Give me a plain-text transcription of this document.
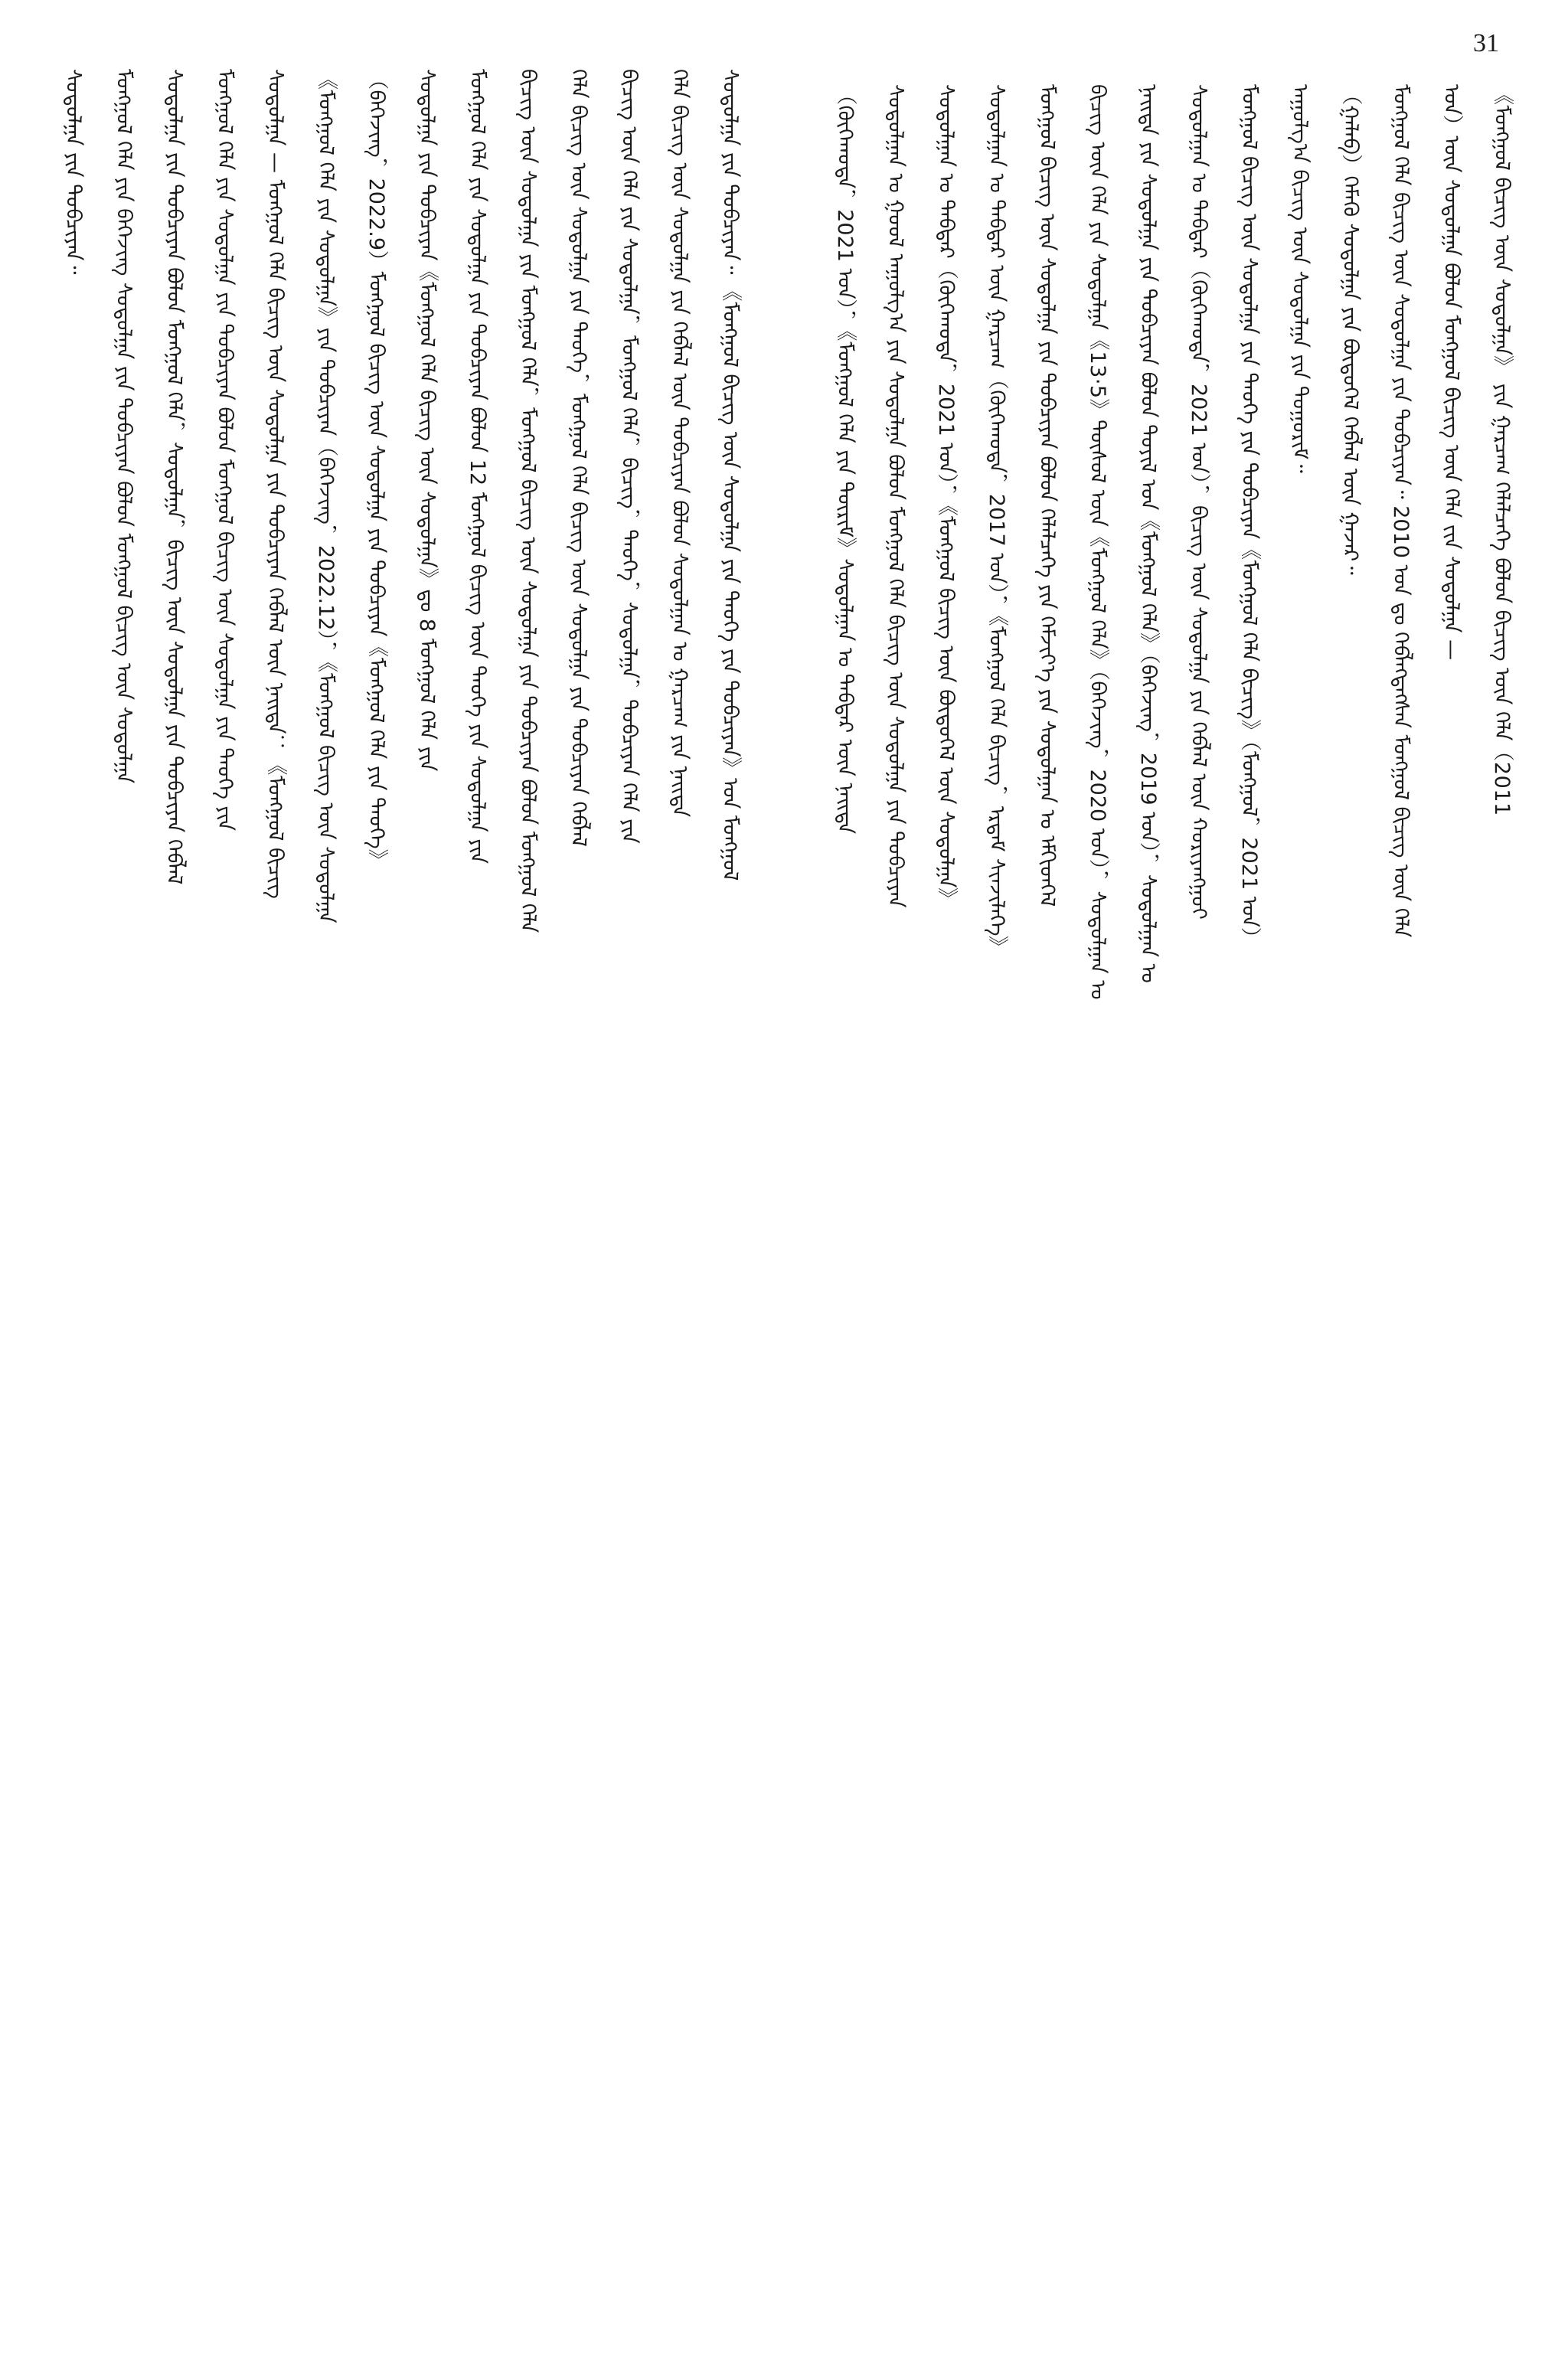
31
《ᠮᠣᠩᠭᠣᠯ ᠪᠢᠴᠢᠭ ᠦᠨ ᠰᠤᠳᠤᠯᠭᠠ》 ᠶᠢᠨ ᠭᠠᠷᠴᠠᠭ ᠬᠡᠯᠡᠯᠴᠡᠭᠡ ᠪᠣᠯᠤᠨ ᠪᠢᠴᠢᠭ ᠦᠨ ᠬᠡᠯᠡ（2011
ᠣᠨ）ᠦᠨ ᠰᠤᠳᠤᠯᠭᠠ ᠪᠣᠯᠤᠨ ᠮᠣᠩᠭᠣᠯ ᠪᠢᠴᠢᠭ ᠦᠨ ᠬᠡᠯᠡ ᠵᠢᠨ ᠰᠤᠳᠤᠯᠭᠠ —
ᠮᠣᠩᠭᠣᠯ ᠬᠡᠯᠡ ᠪᠢᠴᠢᠭ ᠦᠨ ᠰᠤᠳᠤᠯᠭᠠ ᠶᠢᠨ ᠲᠣᠪᠴᠢᠶᠠᠨ᠃ 2010 ᠣᠨ ᠳᠤ ᠬᠡᠪᠯᠡᠭᠳᠡᠭᠰᠡᠨ ᠮᠣᠩᠭᠣᠯ ᠪᠢᠴᠢᠭ ᠦᠨ ᠬᠡᠯᠡ
（ᠭᠠᠯᠠᠪ）ᠬᠡᠮᠡᠬᠦ ᠰᠤᠳᠤᠯᠭᠠ ᠶᠢᠨ ᠪᠦᠲᠦᠭᠡᠯ ᠬᠡᠪᠯᠡᠯ ᠦᠨ ᠭᠠᠵᠠᠷ᠃
ᠠᠭᠤᠯᠭ᠎ᠠ ᠪᠢᠴᠢᠭ ᠦᠨ ᠰᠤᠳᠤᠯᠭᠠ ᠶᠢᠨ ᠲᠤᠭᠤᠷᠢᠮ᠃
ᠮᠣᠩᠭᠣᠯ ᠪᠢᠴᠢᠭ ᠦᠨ ᠰᠤᠳᠤᠯᠭᠠ ᠶᠢᠨ ᠲᠡᠦᠬᠡ ᠶᠢᠨ ᠲᠣᠪᠴᠢᠶᠠᠨ《ᠮᠣᠩᠭᠣᠯ ᠬᠡᠯᠡ ᠪᠢᠴᠢᠭ》（ᠮᠣᠩᠭᠣᠯ，2021 ᠣᠨ）
ᠰᠤᠳᠤᠯᠭᠠᠨ ᠤ ᠳᠡᠪᠲᠡᠷ（ᠬᠥᠬᠡᠬᠣᠲᠠ，2021 ᠣᠨ），ᠪᠢᠴᠢᠭ ᠦᠨ ᠰᠤᠳᠤᠯᠭᠠ ᠶᠢᠨ ᠬᠡᠪᠯᠡᠯ ᠦᠨ ᠬᠤᠷᠢᠶᠠᠩᠭᠤᠢ
ᠨᠡᠢᠲᠡ ᠶᠢᠨ ᠰᠤᠳᠤᠯᠭᠠ ᠶᠢᠨ ᠲᠣᠪᠴᠢᠶᠠᠨ ᠪᠣᠯᠤᠨ ᠲᠤᠶᠢᠯ ᠤᠨ《ᠮᠣᠩᠭᠣᠯ ᠬᠡᠯᠡ》（ᠪᠡᠭᠡᠵᠢᠩ，2019 ᠣᠨ），ᠰᠤᠳᠤᠯᠭᠠᠨ ᠤ
ᠪᠢᠴᠢᠭ ᠦᠨ ᠬᠡᠯᠡ ᠶᠢᠨ ᠰᠤᠳᠤᠯᠭᠠ《13·5》ᠲᠥᠰᠥᠯ ᠦᠨ《ᠮᠣᠩᠭᠣᠯ ᠬᠡᠯᠡ》（ᠪᠡᠭᠡᠵᠢᠩ，2020 ᠣᠨ），ᠰᠤᠳᠤᠯᠭᠠᠨ ᠤ
ᠮᠣᠩᠭᠣᠯ ᠪᠢᠴᠢᠭ ᠦᠨ ᠰᠤᠳᠤᠯᠭᠠ ᠶᠢᠨ ᠲᠣᠪᠴᠢᠶᠠᠨ ᠪᠣᠯᠤᠨ ᠬᠡᠯᠡᠯᠴᠡᠭᠡ ᠶᠢᠨ ᠬᠡᠮᠵᠢᠶ᠎ᠡ ᠶᠢᠨ ᠰᠤᠳᠤᠯᠭᠠᠨ ᠤ ᠡᠮᠬᠢᠳᠬᠡᠯ
ᠰᠤᠳᠤᠯᠭᠠᠨ ᠤ ᠳᠡᠪᠲᠡᠷ ᠦᠨ ᠭᠠᠷᠴᠠᠭ（ᠬᠥᠬᠡᠬᠣᠲᠠ，2017 ᠣᠨ），《ᠮᠣᠩᠭᠣᠯ ᠬᠡᠯᠡ ᠪᠢᠴᠢᠭ，ᠡᠷᠳᠡᠮ ᠰᠢᠨᠵᠢᠯᠡᠭᠡ》
ᠰᠤᠳᠤᠯᠭᠠᠨ ᠤ ᠳᠡᠪᠲᠡᠷ（ᠬᠥᠬᠡᠬᠣᠲᠠ，2021 ᠣᠨ），《ᠮᠣᠩᠭᠣᠯ ᠪᠢᠴᠢᠭ ᠦᠨ ᠪᠦᠲᠦᠭᠡᠯ ᠦᠨ ᠰᠤᠳᠤᠯᠭᠠ》
ᠰᠤᠳᠤᠯᠭᠠᠨ ᠤ ᠭᠣᠤᠯ ᠠᠭᠤᠯᠭ᠎ᠠ ᠶᠢᠨ ᠰᠤᠳᠤᠯᠭᠠ ᠪᠣᠯᠤᠨ ᠮᠣᠩᠭᠣᠯ ᠬᠡᠯᠡ ᠪᠢᠴᠢᠭ ᠦᠨ ᠰᠤᠳᠤᠯᠭᠠ ᠶᠢᠨ ᠲᠣᠪᠴᠢᠶᠠᠨ
（ᠬᠥᠬᠡᠬᠣᠲᠠ，2021 ᠣᠨ），《ᠮᠣᠩᠭᠣᠯ ᠬᠡᠯᠡ ᠶᠢᠨ ᠳᠦᠷᠢᠮ》ᠰᠤᠳᠤᠯᠭᠠᠨ ᠤ ᠳᠡᠪᠲᠡᠷ ᠦᠨ ᠨᠡᠢᠲᠡ
ᠰᠤᠳᠤᠯᠭᠠ ᠶᠢᠨ ᠲᠣᠪᠴᠢᠶᠠᠨ᠃ 《ᠮᠣᠩᠭᠣᠯ ᠪᠢᠴᠢᠭ ᠦᠨ ᠰᠤᠳᠤᠯᠭᠠ ᠶᠢᠨ ᠲᠡᠦᠬᠡ ᠶᠢᠨ ᠲᠣᠪᠴᠢᠶᠠᠨ》ᠣᠨ ᠮᠣᠩᠭᠣᠯ
ᠬᠡᠯᠡ ᠪᠢᠴᠢᠭ ᠦᠨ ᠰᠤᠳᠤᠯᠭᠠ ᠶᠢᠨ ᠬᠡᠪᠯᠡᠯ ᠦᠨ ᠲᠣᠪᠴᠢᠶᠠᠨ ᠪᠣᠯᠤᠨ ᠰᠤᠳᠤᠯᠭᠠᠨ ᠤ ᠭᠠᠷᠴᠠᠭ ᠶᠢᠨ ᠨᠡᠢᠲᠡ
ᠪᠢᠴᠢᠭ ᠦᠨ ᠬᠡᠯᠡ ᠶᠢᠨ ᠰᠤᠳᠤᠯᠭᠠ，ᠮᠣᠩᠭᠣᠯ ᠬᠡᠯᠡ，ᠪᠢᠴᠢᠭ，ᠲᠡᠦᠬᠡ，ᠰᠤᠳᠤᠯᠭᠠ，ᠲᠣᠪᠴᠢᠶᠠᠨ ᠬᠡᠯᠡ ᠶᠢᠨ
ᠬᠡᠯᠡ ᠪᠢᠴᠢᠭ ᠦᠨ ᠰᠤᠳᠤᠯᠭᠠ ᠶᠢᠨ ᠲᠡᠦᠬᠡ，ᠮᠣᠩᠭᠣᠯ ᠬᠡᠯᠡ ᠪᠢᠴᠢᠭ ᠦᠨ ᠰᠤᠳᠤᠯᠭᠠ ᠶᠢᠨ ᠲᠣᠪᠴᠢᠶᠠᠨ ᠬᠡᠪᠯᠡᠯ
ᠪᠢᠴᠢᠭ ᠦᠨ ᠰᠤᠳᠤᠯᠭᠠ ᠶᠢᠨ ᠮᠣᠩᠭᠣᠯ ᠬᠡᠯᠡ，ᠮᠣᠩᠭᠣᠯ ᠪᠢᠴᠢᠭ ᠦᠨ ᠰᠤᠳᠤᠯᠭᠠ ᠶᠢᠨ ᠲᠣᠪᠴᠢᠶᠠᠨ ᠪᠣᠯᠤᠨ ᠮᠣᠩᠭᠣᠯ ᠬᠡᠯᠡ
ᠮᠣᠩᠭᠣᠯ ᠬᠡᠯᠡ ᠶᠢᠨ ᠰᠤᠳᠤᠯᠭᠠ ᠶᠢᠨ ᠲᠣᠪᠴᠢᠶᠠᠨ ᠪᠣᠯᠤᠨ 12 ᠮᠣᠩᠭᠣᠯ ᠪᠢᠴᠢᠭ ᠦᠨ ᠲᠡᠦᠬᠡ ᠶᠢᠨ ᠰᠤᠳᠤᠯᠭᠠ ᠶᠢᠨ
ᠰᠤᠳᠤᠯᠭᠠ ᠶᠢᠨ ᠲᠣᠪᠴᠢᠶᠠᠨ《ᠮᠣᠩᠭᠣᠯ ᠬᠡᠯᠡ ᠪᠢᠴᠢᠭ ᠦᠨ ᠰᠤᠳᠤᠯᠭᠠ》ᠳᠤ 8 ᠮᠣᠩᠭᠣᠯ ᠬᠡᠯᠡ ᠶᠢᠨ
（ᠪᠡᠭᠡᠵᠢᠩ，2022.9）ᠮᠣᠩᠭᠣᠯ ᠪᠢᠴᠢᠭ ᠦᠨ ᠰᠤᠳᠤᠯᠭᠠ ᠶᠢᠨ ᠲᠣᠪᠴᠢᠶᠠᠨ《ᠮᠣᠩᠭᠣᠯ ᠬᠡᠯᠡ ᠶᠢᠨ ᠲᠡᠦᠬᠡ》
《ᠮᠣᠩᠭᠣᠯ ᠬᠡᠯᠡ ᠶᠢᠨ ᠰᠤᠳᠤᠯᠭᠠ》ᠶᠢᠨ ᠲᠣᠪᠴᠢᠶᠠᠨ（ᠪᠡᠭᠡᠵᠢᠩ，2022.12），《ᠮᠣᠩᠭᠣᠯ ᠪᠢᠴᠢᠭ ᠦᠨ ᠰᠤᠳᠤᠯᠭᠠ
ᠰᠤᠳᠤᠯᠭᠠ — ᠮᠣᠩᠭᠣᠯ ᠬᠡᠯᠡ ᠪᠢᠴᠢᠭ ᠦᠨ ᠰᠤᠳᠤᠯᠭᠠ ᠶᠢᠨ ᠲᠣᠪᠴᠢᠶᠠᠨ ᠬᠡᠪᠯᠡᠯ ᠦᠨ ᠨᠡᠢᠲᠡ：《ᠮᠣᠩᠭᠣᠯ ᠪᠢᠴᠢᠭ
ᠮᠣᠩᠭᠣᠯ ᠬᠡᠯᠡ ᠶᠢᠨ ᠰᠤᠳᠤᠯᠭᠠ ᠶᠢᠨ ᠲᠣᠪᠴᠢᠶᠠᠨ ᠪᠣᠯᠤᠨ ᠮᠣᠩᠭᠣᠯ ᠪᠢᠴᠢᠭ ᠦᠨ ᠰᠤᠳᠤᠯᠭᠠ ᠶᠢᠨ ᠲᠡᠦᠬᠡ ᠶᠢᠨ
ᠰᠤᠳᠤᠯᠭᠠ ᠶᠢᠨ ᠲᠣᠪᠴᠢᠶᠠᠨ ᠪᠣᠯᠤᠨ ᠮᠣᠩᠭᠣᠯ ᠬᠡᠯᠡ，ᠰᠤᠳᠤᠯᠭᠠ，ᠪᠢᠴᠢᠭ ᠦᠨ ᠰᠤᠳᠤᠯᠭᠠ ᠶᠢᠨ ᠲᠣᠪᠴᠢᠶᠠᠨ ᠬᠡᠪᠯᠡᠯ
ᠮᠣᠩᠭᠣᠯ ᠬᠡᠯᠡ ᠶᠢᠨ ᠪᠡᠭᠡᠵᠢᠩ ᠰᠤᠳᠤᠯᠭᠠ ᠶᠢᠨ ᠲᠣᠪᠴᠢᠶᠠᠨ ᠪᠣᠯᠤᠨ ᠮᠣᠩᠭᠣᠯ ᠪᠢᠴᠢᠭ ᠦᠨ ᠰᠤᠳᠤᠯᠭᠠ
ᠰᠤᠳᠤᠯᠭᠠ ᠶᠢᠨ ᠲᠣᠪᠴᠢᠶᠠᠨ᠃
